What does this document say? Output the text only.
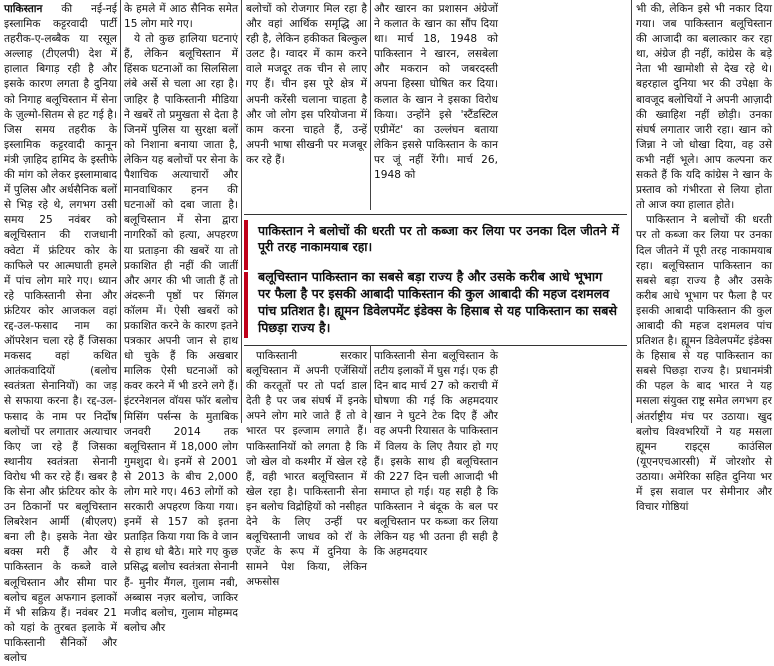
पाकिस्तान की नई-नई इस्लामिक कट्टरवादी पार्टी तहरीक-ए-लब्बैक या रसूल अल्लाह (टीएलपी) देश में हालात बिगाड़ रही है और इसके कारण लगता है दुनिया को निगाह बलूचिस्तान में सेना के ज़ुल्मो-सितम से हट गई है। जिस समय तहरीक के इस्लामिक कट्टरवादी कानून मंत्री ज़ाहिद हामिद के इस्तीफे की मांग को लेकर इस्लामाबाद में पुलिस और अर्धसैनिक बलों से भिड़ रहे थे, लगभग उसी समय 25 नवंबर को बलूचिस्तान की राजधानी क्वेटा में फ्रंटियर कोर के काफिले पर आत्मघाती हमले में पांच लोग मारे गए। ध्यान रहे पाकिस्तानी सेना और फ्रंटियर कोर आजकल वहां रद्द-उल-फसाद नाम का ऑपरेशन चला रहे हैं जिसका मकसद वहां कथित आतंकवादियों (बलोच स्वतंत्रता सेनानियों) का जड़ से सफाया करना है। रद्द-उल-फसाद के नाम पर निर्दोष बलोचों पर लगातार अत्याचार किए जा रहे हैं जिसका स्थानीय स्वतंत्रता सेनानी विरोध भी कर रहे हैं। खबर है कि सेना और फ्रंटियर कोर के उन ठिकानों पर बलूचिस्तान लिबरेशन आर्मी (बीएलए) बना ली है। इसके नेता खेर बक्स मरी हैं और ये पाकिस्तान के कब्जे वाले बलूचिस्तान और सीमा पार बलोच बहुल अफगान इलाकों में भी सक्रिय हैं। नवंबर 21 को यहां के तुरबत इलाके में पाकिस्तानी सैनिकों और बलोच

के हमले में आठ सैनिक समेत 15 लोग मारे गए।

ये तो कुछ हालिया घटनाएं हैं, लेकिन बलूचिस्तान में हिंसक घटनाओं का सिलसिला लंबे अर्से से चला आ रहा है। जाहिर है पाकिस्तानी मीडिया ने खबरें तो प्रमुखता से देता है जिनमें पुलिस या सुरक्षा बलों को निशाना बनाया जाता है, लेकिन यह बलोचों पर सेना के पैशाचिक अत्याचारों और मानवाधिकार हनन की घटनाओं को दबा जाता है। बलूचिस्तान में सेना द्वारा नागरिकों को हत्या, अपहरण या प्रताड़ना की खबरें या तो प्रकाशित ही नहीं की जातीं और अगर की भी जाती हैं तो अंदरूनी पृष्ठों पर सिंगल कॉलम में। ऐसी खबरों को प्रकाशित करने के कारण इतने पत्रकार अपनी जान से हाथ धो चुके हैं कि अखबार मालिक ऐसी घटनाओं को कवर करने में भी डरने लगे हैं। इंटरनेशनल वॉयस फॉर बलोच मिसिंग पर्सन्स के मुताबिक जनवरी 2014 तक बलूचिस्तान में 18,000 लोग गुमशुदा थे। इनमें से 2001 से 2013 के बीच 2,000 लोग मारे गए। 463 लोगों को सरकारी अपहरण किया गया। इनमें से 157 को इतना प्रताड़ित किया गया कि वे जान से हाथ धो बैठे। मारे गए कुछ प्रसिद्ध बलोच स्वतंत्रता सेनानी हैं- मुनीर मैंगल, ग़ुलाम नबी, अब्बास नज़र बलोच, जाकिर मजीद बलोच, गुलाम मोहम्मद बलोच और

बलोचों को रोजगार मिल रहा है और वहां आर्थिक समृद्धि आ रही है, लेकिन हकीकत बिल्कुल उलट है। ग्वादर में काम करने वाले मजदूर तक चीन से लाए गए हैं। चीन इस पूरे क्षेत्र में अपनी करेंसी चलाना चाहता है और जो लोग इस परियोजना में काम करना चाहते हैं, उन्हें अपनी भाषा सीखनी पर मजबूर कर रहे हैं।

और खारन का प्रशासन अंग्रेजों ने कलात के खान का सौंप दिया था। मार्च 18, 1948 को पाकिस्तान ने खारन, लसबेला और मकरान को जबरदस्ती अपना हिस्सा घोषित कर दिया। कलात के खान ने इसका विरोध किया। उन्होंने इसे 'स्टैंडस्टिल एग्रीमेंट' का उल्लंघन बताया लेकिन इससे पाकिस्तान के कान पर जूं नहीं रेंगी। मार्च 26, 1948 को

पाकिस्तान ने बलोचों की धरती पर तो कब्जा कर लिया पर उनका दिल जीतने में पूरी तरह नाकामयाब रहा।
बलूचिस्तान पाकिस्तान का सबसे बड़ा राज्य है और उसके करीब आधे भूभाग पर फैला है पर इसकी आबादी पाकिस्तान की कुल आबादी की महज दशमलव पांच प्रतिशत है। ह्यूमन डिवेलपमेंट इंडेक्स के हिसाब से यह पाकिस्तान का सबसे पिछड़ा राज्य है।

पाकिस्तानी सरकार बलूचिस्तान में अपनी एजेंसियों की करतूतों पर तो पर्दा डाल देती है पर जब संघर्ष में इनके अपने लोग मारे जाते हैं तो वे भारत पर इल्जाम लगाते हैं। पाकिस्तानियों को लगता है कि जो खेल वो कश्मीर में खेल रहे हैं, वही भारत बलूचिस्तान में खेल रहा है। पाकिस्तानी सेना इन बलोच विद्रोहियों को नसीहत देने के लिए उन्हीं पर बलूचिस्तानी जाधव को रॉ के एजेंट के रूप में दुनिया के सामने पेश किया, लेकिन अफसोस

पाकिस्तानी सेना बलूचिस्तान के तटीय इलाकों में घुस गई। एक ही दिन बाद मार्च 27 को कराची में घोषणा की गई कि अहमदयार खान ने घुटने टेक दिए हैं और वह अपनी रियासत के पाकिस्तान में विलय के लिए तैयार हो गए हैं। इसके साथ ही बलूचिस्तान की 227 दिन चली आजादी भी समाप्त हो गई। यह सही है कि पाकिस्तान ने बंदूक के बल पर बलूचिस्तान पर कब्जा कर लिया लेकिन यह भी उतना ही सही है कि अहमदयार

भी की, लेकिन इसे भी नकार दिया गया। जब पाकिस्तान बलूचिस्तान की आजादी का बलात्कार कर रहा था, अंग्रेज ही नहीं, कांग्रेस के बड़े नेता भी खामोशी से देख रहे थे। बहरहाल दुनिया भर की उपेक्षा के बावजूद बलोचियों ने अपनी आज़ादी की ख्वाहिश नहीं छोड़ी। उनका संघर्ष लगातार जारी रहा। खान को जिन्ना ने जो धोखा दिया, वह उसे कभी नहीं भूले। आप कल्पना कर सकते हैं कि यदि कांग्रेस ने खान के प्रस्ताव को गंभीरता से लिया होता तो आज क्या हालात होते।

पाकिस्तान ने बलोचों की धरती पर तो कब्जा कर लिया पर उनका दिल जीतने में पूरी तरह नाकामयाब रहा। बलूचिस्तान पाकिस्तान का सबसे बड़ा राज्य है और उसके करीब आधे भूभाग पर फैला है पर इसकी आबादी पाकिस्तान की कुल आबादी की महज दशमलव पांच प्रतिशत है। ह्यूमन डिवेलपमेंट इंडेक्स के हिसाब से यह पाकिस्तान का सबसे पिछड़ा राज्य है। प्रधानमंत्री की पहल के बाद भारत ने यह मसला संयुक्त राष्ट्र समेत लगभग हर अंतर्राष्ट्रीय मंच पर उठाया। खुद बलोच विश्वभरियों ने यह मसला ह्यूमन राइट्स काउंसिल (यूएनएचआरसी) में जोरशोर से उठाया। अमेरिका सहित दुनिया भर में इस सवाल पर सेमीनार और विचार गोष्ठियां
